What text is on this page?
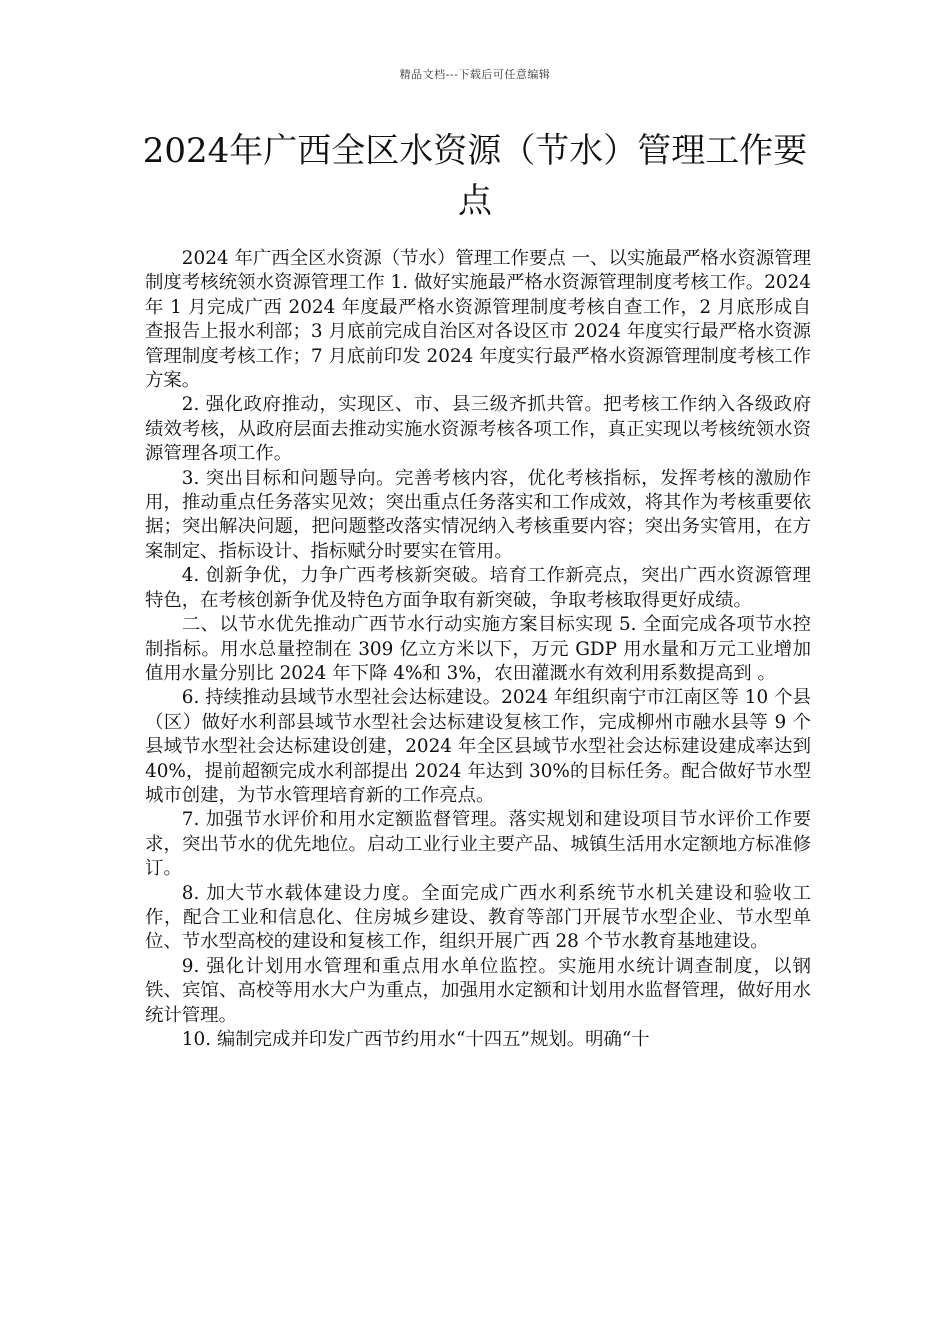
精品文档---下载后可任意编辑
2024年广西全区水资源（节水）管理工作要点

2024 年广西全区水资源（节水）管理工作要点 一、以实施最严格水资源管理制度考核统领水资源管理工作 1. 做好实施最严格水资源管理制度考核工作。2024 年 1 月完成广西 2024 年度最严格水资源管理制度考核自查工作，2 月底形成自查报告上报水利部；3 月底前完成自治区对各设区市 2024 年度实行最严格水资源管理制度考核工作；7 月底前印发 2024 年度实行最严格水资源管理制度考核工作方案。

2. 强化政府推动，实现区、市、县三级齐抓共管。把考核工作纳入各级政府绩效考核，从政府层面去推动实施水资源考核各项工作，真正实现以考核统领水资源管理各项工作。

3. 突出目标和问题导向。完善考核内容，优化考核指标，发挥考核的激励作用，推动重点任务落实见效；突出重点任务落实和工作成效，将其作为考核重要依据；突出解决问题，把问题整改落实情况纳入考核重要内容；突出务实管用，在方案制定、指标设计、指标赋分时要实在管用。

4. 创新争优，力争广西考核新突破。培育工作新亮点，突出广西水资源管理特色，在考核创新争优及特色方面争取有新突破，争取考核取得更好成绩。

二、以节水优先推动广西节水行动实施方案目标实现 5. 全面完成各项节水控制指标。用水总量控制在 309 亿立方米以下，万元 GDP 用水量和万元工业增加值用水量分别比 2024 年下降 4%和 3%，农田灌溉水有效利用系数提高到 。

6. 持续推动县域节水型社会达标建设。2024 年组织南宁市江南区等 10 个县（区）做好水利部县域节水型社会达标建设复核工作，完成柳州市融水县等 9 个县域节水型社会达标建设创建，2024 年全区县域节水型社会达标建设建成率达到 40%，提前超额完成水利部提出 2024 年达到 30%的目标任务。配合做好节水型城市创建，为节水管理培育新的工作亮点。

7. 加强节水评价和用水定额监督管理。落实规划和建设项目节水评价工作要求，突出节水的优先地位。启动工业行业主要产品、城镇生活用水定额地方标准修订。

8. 加大节水载体建设力度。全面完成广西水利系统节水机关建设和验收工作，配合工业和信息化、住房城乡建设、教育等部门开展节水型企业、节水型单位、节水型高校的建设和复核工作，组织开展广西 28 个节水教育基地建设。

9. 强化计划用水管理和重点用水单位监控。实施用水统计调查制度，以钢铁、宾馆、高校等用水大户为重点，加强用水定额和计划用水监督管理，做好用水统计管理。

10. 编制完成并印发广西节约用水“十四五”规划。明确“十
